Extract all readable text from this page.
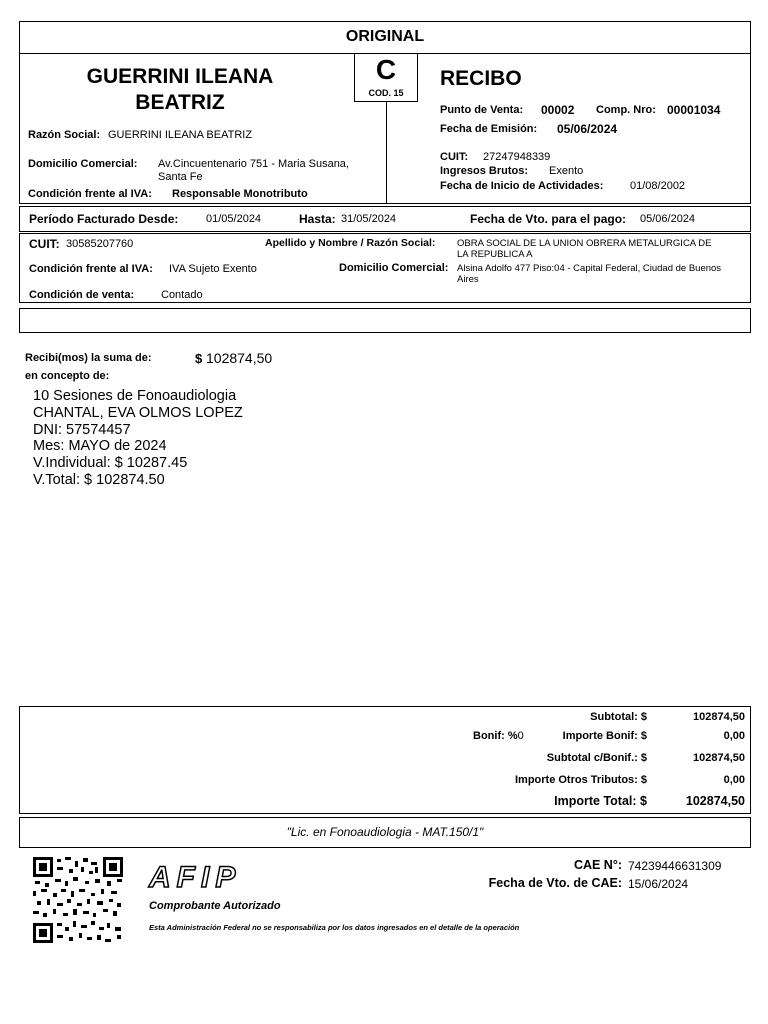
ORIGINAL
C
COD. 15
GUERRINI ILEANA
BEATRIZ
Razón Social: GUERRINI ILEANA BEATRIZ
Domicilio Comercial: Av.Cincuentenario 751 - Maria Susana,
Santa Fe
Condición frente al IVA: Responsable Monotributo
RECIBO
Punto de Venta: 00002 Comp. Nro: 00001034
Fecha de Emisión: 05/06/2024
CUIT: 27247948339
Ingresos Brutos: Exento
Fecha de Inicio de Actividades: 01/08/2002
Período Facturado Desde:	01/05/2024	Hasta: 31/05/2024	Fecha de Vto. para el pago: 05/06/2024
CUIT: 30585207760	Apellido y Nombre / Razón Social: OBRA SOCIAL DE LA UNION OBRERA METALURGICA DE
LA REPUBLICA A
Condición frente al IVA: IVA Sujeto Exento	Domicilio Comercial: Alsina Adolfo 477 Piso:04 - Capital Federal, Ciudad de Buenos
Aires
Condición de venta: Contado
Recibi(mos) la suma de:	$ 102874,50
en concepto de:
10 Sesiones de Fonoaudiologia
CHANTAL, EVA OLMOS LOPEZ
DNI: 57574457
Mes: MAYO de 2024
V.Individual: $ 10287.45
V.Total: $ 102874.50
Subtotal: $	102874,50
Bonif: %0	Importe Bonif: $	0,00
Subtotal c/Bonif.: $	102874,50
Importe Otros Tributos: $	0,00
Importe Total: $	102874,50
"Lic. en Fonoaudiologia - MAT.150/1"
AFIP
Comprobante Autorizado
Esta Administración Federal no se responsabiliza por los datos ingresados en el detalle de la operación
CAE N°: 74239446631309
Fecha de Vto. de CAE: 15/06/2024
